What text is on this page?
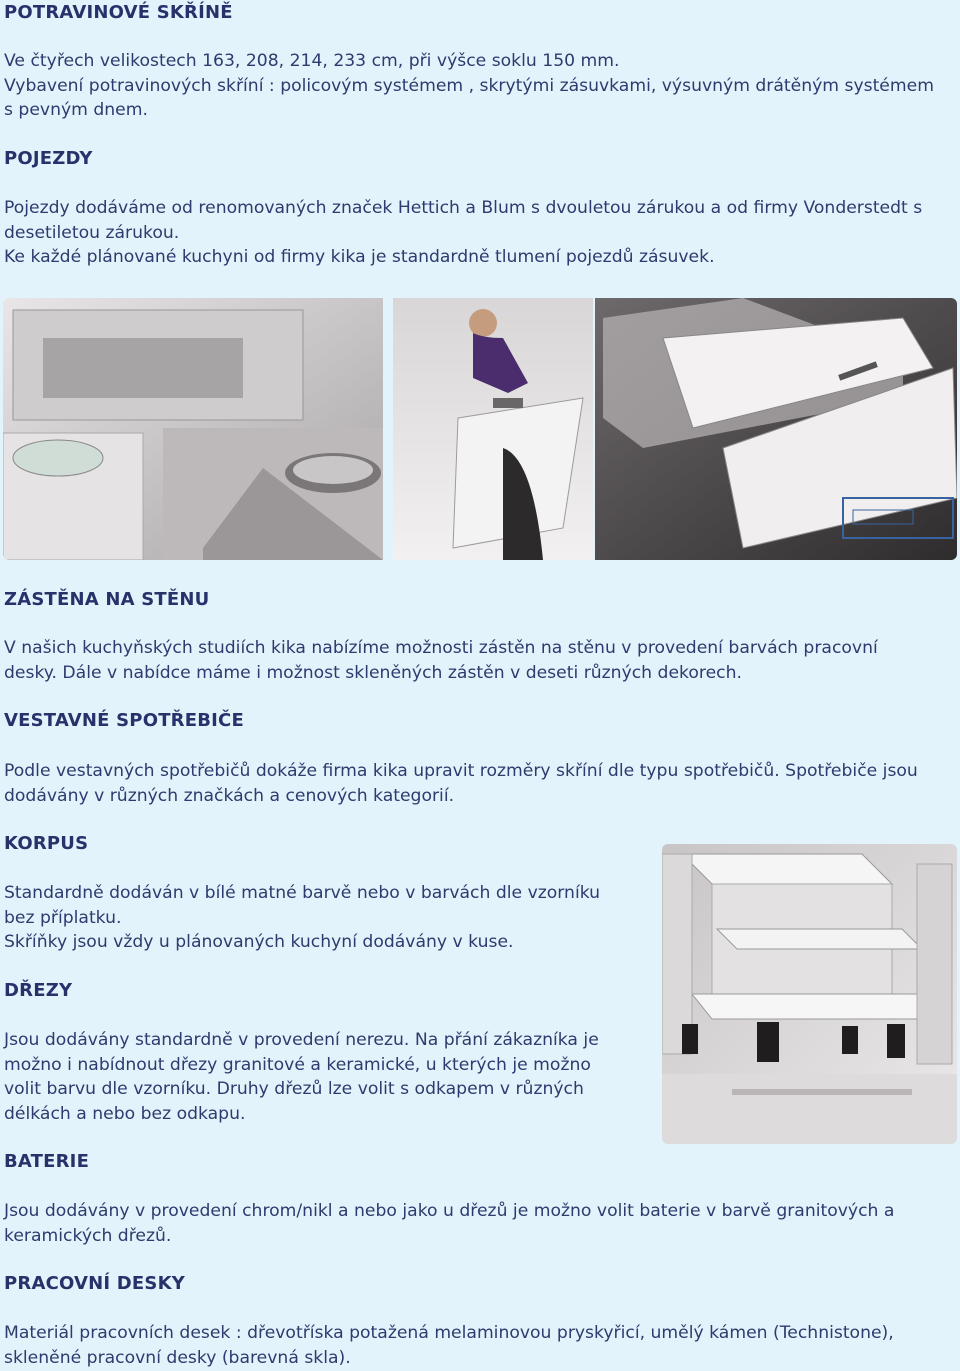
POTRAVINOVÉ SKŘÍNĚ

Ve čtyřech velikostech 163, 208, 214, 233 cm, při výšce soklu 150 mm.
Vybavení potravinových skříní : policovým systémem , skrytými zásuvkami, výsuvným drátěným systémem
s pevným dnem.

POJEZDY

Pojezdy dodáváme od renomovaných značek Hettich a Blum s dvouletou zárukou a od firmy Vonderstedt s
desetiletou zárukou.
Ke každé plánované kuchyni od firmy kika je standardně tlumení pojezdů zásuvek.

ZÁSTĚNA NA STĚNU

V našich kuchyňských studiích kika nabízíme možnosti zástěn na stěnu v provedení barvách pracovní
desky. Dále v nabídce máme i možnost skleněných zástěn v deseti různých dekorech.

VESTAVNÉ SPOTŘEBIČE

Podle vestavných spotřebičů dokáže firma kika upravit rozměry skříní dle typu spotřebičů. Spotřebiče jsou
dodávány v různých značkách a cenových kategorií.

KORPUS

Standardně dodáván v bílé matné barvě nebo v barvách dle vzorníku
bez příplatku.
Skříňky jsou vždy u plánovaných kuchyní dodávány v kuse.

DŘEZY

Jsou dodávány standardně v provedení nerezu. Na přání zákazníka je
možno i nabídnout dřezy granitové a keramické, u kterých je možno
volit barvu dle vzorníku. Druhy dřezů lze volit s odkapem v různých
délkách a nebo bez odkapu.

BATERIE

Jsou dodávány v provedení chrom/nikl a nebo jako u dřezů je možno volit baterie v barvě granitových a
keramických dřezů.

PRACOVNÍ DESKY

Materiál pracovních desek : dřevotříska potažená melaminovou pryskyřicí, umělý kámen (Technistone),
skleněné pracovní desky (barevná skla).
